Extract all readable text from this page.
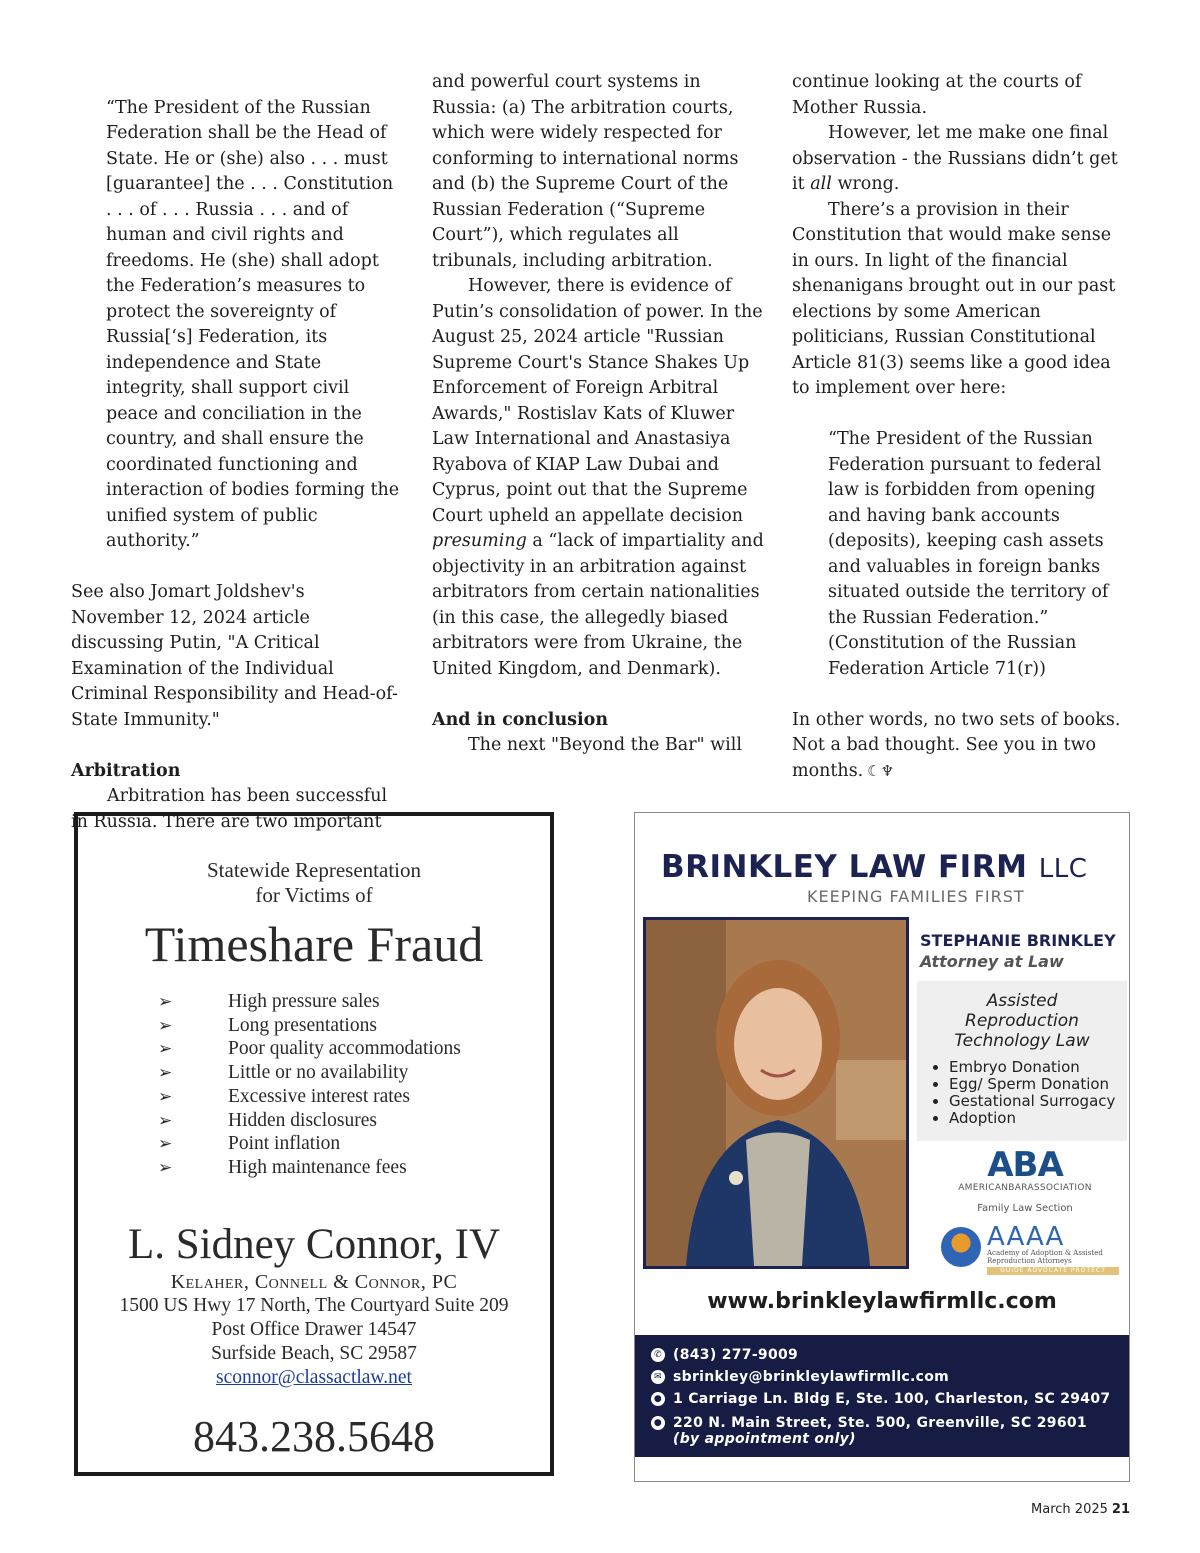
“The President of the Russian Federation shall be the Head of State. He or (she) also . . . must [guarantee] the . . . Constitution . . . of . . . Russia . . . and of human and civil rights and freedoms. He (she) shall adopt the Federation’s measures to protect the sovereignty of Russia[‘s] Federation, its independence and State integrity, shall support civil peace and conciliation in the country, and shall ensure the coordinated functioning and interaction of bodies forming the unified system of public authority.”

See also Jomart Joldshev's November 12, 2024 article discussing Putin, "A Critical Examination of the Individual Criminal Responsibility and Head-of-State Immunity."

Arbitration

Arbitration has been successful in Russia. There are two important

and powerful court systems in Russia: (a) The arbitration courts, which were widely respected for conforming to international norms and (b) the Supreme Court of the Russian Federation (“Supreme Court”), which regulates all tribunals, including arbitration.

However, there is evidence of Putin’s consolidation of power. In the August 25, 2024 article "Russian Supreme Court's Stance Shakes Up Enforcement of Foreign Arbitral Awards," Rostislav Kats of Kluwer Law International and Anastasiya Ryabova of KIAP Law Dubai and Cyprus, point out that the Supreme Court upheld an appellate decision presuming a “lack of impartiality and objectivity in an arbitration against arbitrators from certain nationalities (in this case, the allegedly biased arbitrators were from Ukraine, the United Kingdom, and Denmark).

And in conclusion

The next "Beyond the Bar" will

continue looking at the courts of Mother Russia.

However, let me make one final observation - the Russians didn’t get it all wrong.

There’s a provision in their Constitution that would make sense in ours. In light of the financial shenanigans brought out in our past elections by some American politicians, Russian Constitutional Article 81(3) seems like a good idea to implement over here:

“The President of the Russian Federation pursuant to federal law is forbidden from opening and having bank accounts (deposits), keeping cash assets and valuables in foreign banks situated outside the territory of the Russian Federation.” (Constitution of the Russian Federation Article 71(r))

In other words, no two sets of books. Not a bad thought. See you in two months. ☾♆

Statewide Representation
for Victims of
Timeshare Fraud
➢	High pressure sales
➢	Long presentations
➢	Poor quality accommodations
➢	Little or no availability
➢	Excessive interest rates
➢	Hidden disclosures
➢	Point inflation
➢	High maintenance fees
L. Sidney Connor, IV
Kelaher, Connell & Connor, PC
1500 US Hwy 17 North, The Courtyard Suite 209
Post Office Drawer 14547
Surfside Beach, SC 29587
sconnor@classactlaw.net
843.238.5648
BRINKLEY LAW FIRM LLC
KEEPING FAMILIES FIRST
STEPHANIE BRINKLEY
Attorney at Law
Assisted
Reproduction
Technology Law
• Embryo Donation
• Egg/ Sperm Donation
• Gestational Surrogacy
• Adoption
ABA
AMERICANBARASSOCIATION
Family Law Section
AAAA
Academy of Adoption & Assisted Reproduction Attorneys
GUIDE ADVOCATE PROTECT
www.brinkleylawfirmllc.com
✆ (843) 277-9009
✉ sbrinkley@brinkleylawfirmllc.com
● 1 Carriage Ln. Bldg E, Ste. 100, Charleston, SC 29407
● 220 N. Main Street, Ste. 500, Greenville, SC 29601
(by appointment only)
March 2025 21
